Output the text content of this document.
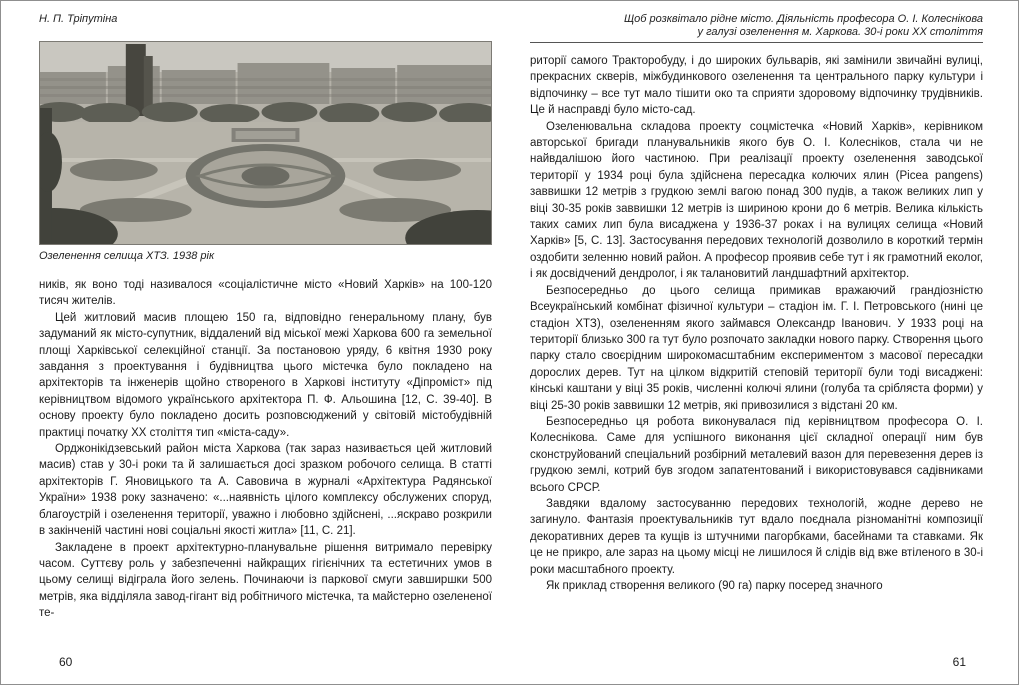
Н. П. Тріпутіна
Озеленення селища ХТЗ. 1938 рік

ників, як воно тоді називалося «соціалістичне місто «Новий Харків» на 100-120 тисяч жителів.

Цей житловий масив площею 150 га, відповідно генеральному плану, був задуманий як місто-супутник, віддалений від міської межі Харкова 600 га земельної площі Харківської селекційної станції. За постановою уряду, 6 квітня 1930 року завдання з проектування і будівництва цього містечка було покладено на архітекторів та інженерів щойно створеного в Харкові інституту «Діпроміст» під керівництвом відомого українського архітектора П. Ф. Альошина [12, С. 39-40]. В основу проекту було покладено досить розповсюджений у світовій містобудівній практиці початку XX століття тип «міста-саду».

Орджонікідзевський район міста Харкова (так зараз називається цей житловий масив) став у 30-і роки та й залишається досі зразком робочого селища. В статті архітекторів Г. Яновицького та А. Савовича в журналі «Архітектура Радянської України» 1938 року зазначено: «...наявність цілого комплексу обслужених споруд, благоустрій і озеленення території, уважно і любовно здійснені, ...яскраво розкрили в закінченій частині нові соціальні якості житла» [11, С. 21].

Закладене в проект архітектурно-планувальне рішення витримало перевірку часом. Суттєву роль у забезпеченні найкращих гігієнічних та естетичних умов в цьому селищі відіграла його зелень. Починаючи із паркової смуги завширшки 500 метрів, яка відділяла завод-гігант від робітничого містечка, та майстерно озелененої те-

Щоб розквітало рідне місто. Діяльність професора О. І. Колеснікова
у галузі озеленення м. Харкова. 30-і роки XX століття

риторії самого Тракторобуду, і до широких бульварів, які замінили звичайні вулиці, прекрасних скверів, міжбудинкового озеленення та центрального парку культури і відпочинку – все тут мало тішити око та сприяти здоровому відпочинку трудівників. Це й насправді було місто-сад.

Озеленювальна складова проекту соцмістечка «Новий Харків», керівником авторської бригади планувальників якого був О. І. Колесніков, стала чи не найвдалішою його частиною. При реалізації проекту озеленення заводської території у 1934 році була здійснена пересадка колючих ялин (Picea pangens) заввишки 12 метрів з грудкою землі вагою понад 300 пудів, а також великих лип у віці 30-35 років заввишки 12 метрів із шириною крони до 6 метрів. Велика кількість таких самих лип була висаджена у 1936-37 роках і на вулицях селища «Новий Харків» [5, С. 13]. Застосування передових технологій дозволило в короткий термін оздобити зеленню новий район. А професор проявив себе тут і як грамотний еколог, і як досвідчений дендролог, і як талановитий ландшафтний архітектор.

Безпосередньо до цього селища примикав вражаючий грандіозністю Всеукраїнський комбінат фізичної культури – стадіон ім. Г. І. Петровського (нині це стадіон ХТЗ), озелененням якого займався Олександр Іванович. У 1933 році на території близько 300 га тут було розпочато закладки нового парку. Створення цього парку стало своєрідним широкомасштабним експериментом з масової пересадки дорослих дерев. Тут на цілком відкритій степовій території були тоді висаджені: кінські каштани у віці 35 років, численні колючі ялини (голуба та срібляста форми) у віці 25-30 років заввишки 12 метрів, які привозилися з відстані 20 км.

Безпосередньо ця робота виконувалася під керівництвом професора О. І. Колеснікова. Саме для успішного виконання цієї складної операції ним був сконструйований спеціальний розбірний металевий вазон для перевезення дерев із грудкою землі, котрий був згодом запатентований і використовувався садівниками всього СРСР.

Завдяки вдалому застосуванню передових технологій, жодне дерево не загинуло. Фантазія проектувальників тут вдало поєднала різноманітні композиції декоративних дерев та кущів із штучними пагорбками, басейнами та ставками. Як це не прикро, але зараз на цьому місці не лишилося й слідів від вже втіленого в 30-і роки масштабного проекту.

Як приклад створення великого (90 га) парку посеред значного

60	61
